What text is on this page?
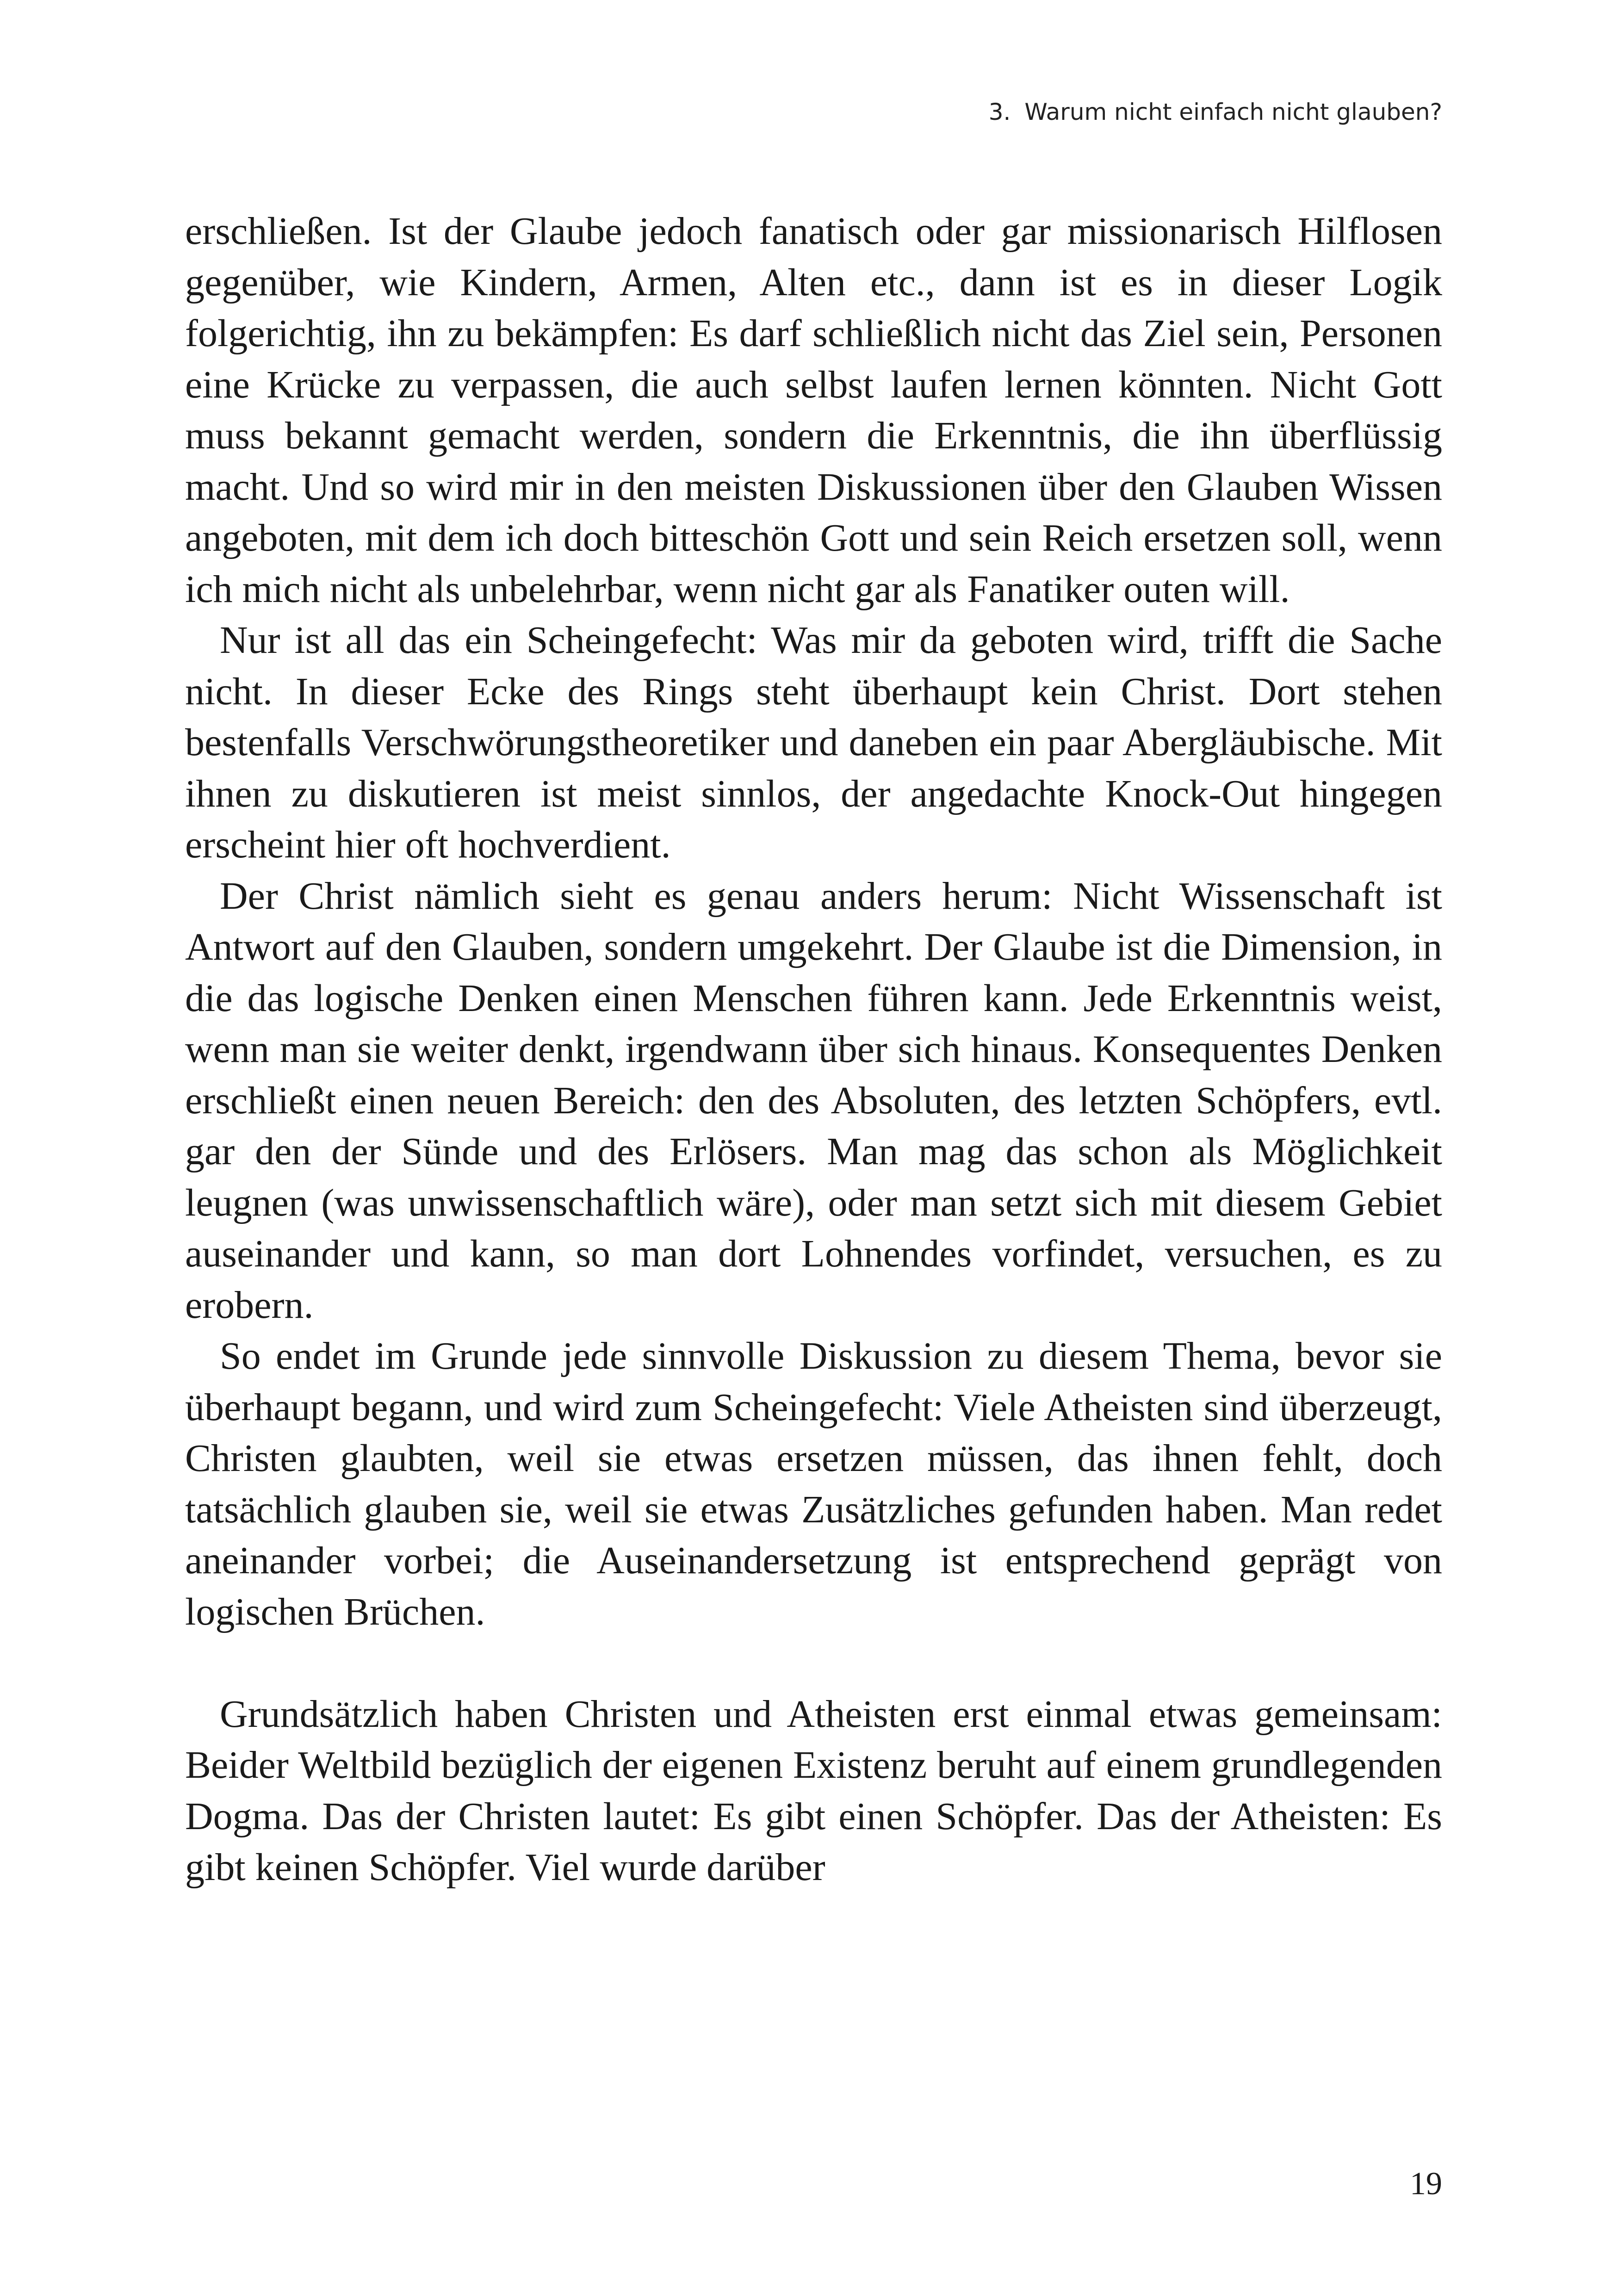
3. Warum nicht einfach nicht glauben?

erschließen. Ist der Glaube jedoch fanatisch oder gar missionarisch Hilflosen gegenüber, wie Kindern, Armen, Alten etc., dann ist es in dieser Logik folgerichtig, ihn zu bekämpfen: Es darf schließlich nicht das Ziel sein, Personen eine Krücke zu verpassen, die auch selbst laufen lernen könnten. Nicht Gott muss bekannt gemacht werden, sondern die Erkenntnis, die ihn überflüssig macht. Und so wird mir in den meisten Diskussionen über den Glauben Wissen angeboten, mit dem ich doch bitteschön Gott und sein Reich ersetzen soll, wenn ich mich nicht als unbelehrbar, wenn nicht gar als Fanatiker outen will.

Nur ist all das ein Scheingefecht: Was mir da geboten wird, trifft die Sache nicht. In dieser Ecke des Rings steht überhaupt kein Christ. Dort stehen bestenfalls Verschwörungstheoretiker und daneben ein paar Abergläubische. Mit ihnen zu diskutieren ist meist sinnlos, der angedachte Knock-Out hingegen erscheint hier oft hochverdient.

Der Christ nämlich sieht es genau anders herum: Nicht Wissenschaft ist Antwort auf den Glauben, sondern umgekehrt. Der Glaube ist die Dimension, in die das logische Denken einen Menschen führen kann. Jede Erkenntnis weist, wenn man sie weiter denkt, irgendwann über sich hinaus. Konsequentes Denken erschließt einen neuen Bereich: den des Absoluten, des letzten Schöpfers, evtl. gar den der Sünde und des Erlösers. Man mag das schon als Möglichkeit leugnen (was unwissenschaftlich wäre), oder man setzt sich mit diesem Gebiet auseinander und kann, so man dort Lohnendes vorfindet, versuchen, es zu erobern.

So endet im Grunde jede sinnvolle Diskussion zu diesem Thema, bevor sie überhaupt begann, und wird zum Scheingefecht: Viele Atheisten sind überzeugt, Christen glaubten, weil sie etwas ersetzen müssen, das ihnen fehlt, doch tatsächlich glauben sie, weil sie etwas Zusätzliches gefunden haben. Man redet aneinander vorbei; die Auseinandersetzung ist entsprechend geprägt von logischen Brüchen.

Grundsätzlich haben Christen und Atheisten erst einmal etwas gemeinsam: Beider Weltbild bezüglich der eigenen Existenz beruht auf einem grundlegenden Dogma. Das der Christen lautet: Es gibt einen Schöpfer. Das der Atheisten: Es gibt keinen Schöpfer. Viel wurde darüber

19
